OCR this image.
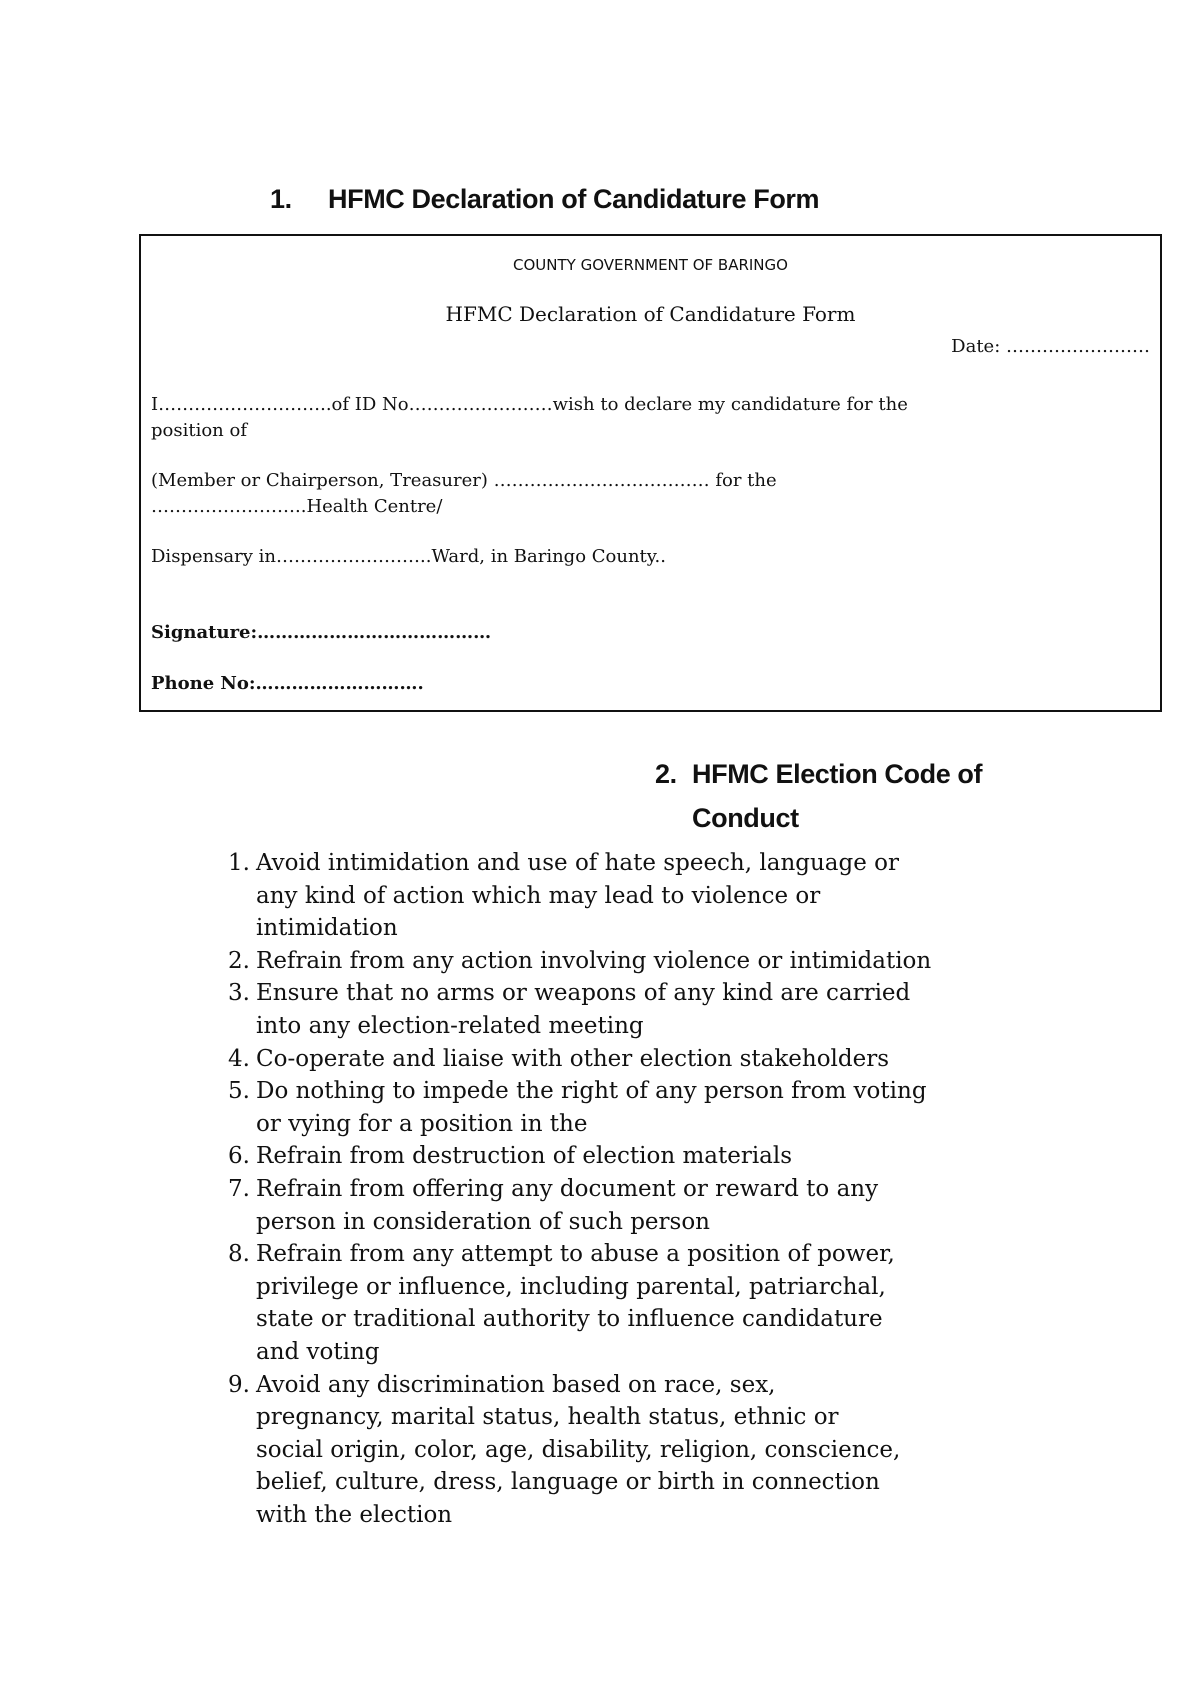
1. HFMC Declaration of Candidature Form
COUNTY GOVERNMENT OF BARINGO
HFMC Declaration of Candidature Form
Date: ……………………
I………………………..of ID No……………………wish to declare my candidature for the
position of
(Member or Chairperson, Treasurer) ……………………………… for the
……………………..Health Centre/
Dispensary in……………………..Ward, in Baringo County..
Signature:…………………………………
Phone No:……………………….
2. HFMC Election Code of
Conduct
1. Avoid intimidation and use of hate speech, language or
any kind of action which may lead to violence or
intimidation
2. Refrain from any action involving violence or intimidation
3. Ensure that no arms or weapons of any kind are carried
into any election-related meeting
4. Co-operate and liaise with other election stakeholders
5. Do nothing to impede the right of any person from voting
or vying for a position in the
6. Refrain from destruction of election materials
7. Refrain from offering any document or reward to any
person in consideration of such person
8. Refrain from any attempt to abuse a position of power,
privilege or influence, including parental, patriarchal,
state or traditional authority to influence candidature
and voting
9. Avoid any discrimination based on race, sex,
pregnancy, marital status, health status, ethnic or
social origin, color, age, disability, religion, conscience,
belief, culture, dress, language or birth in connection
with the election
